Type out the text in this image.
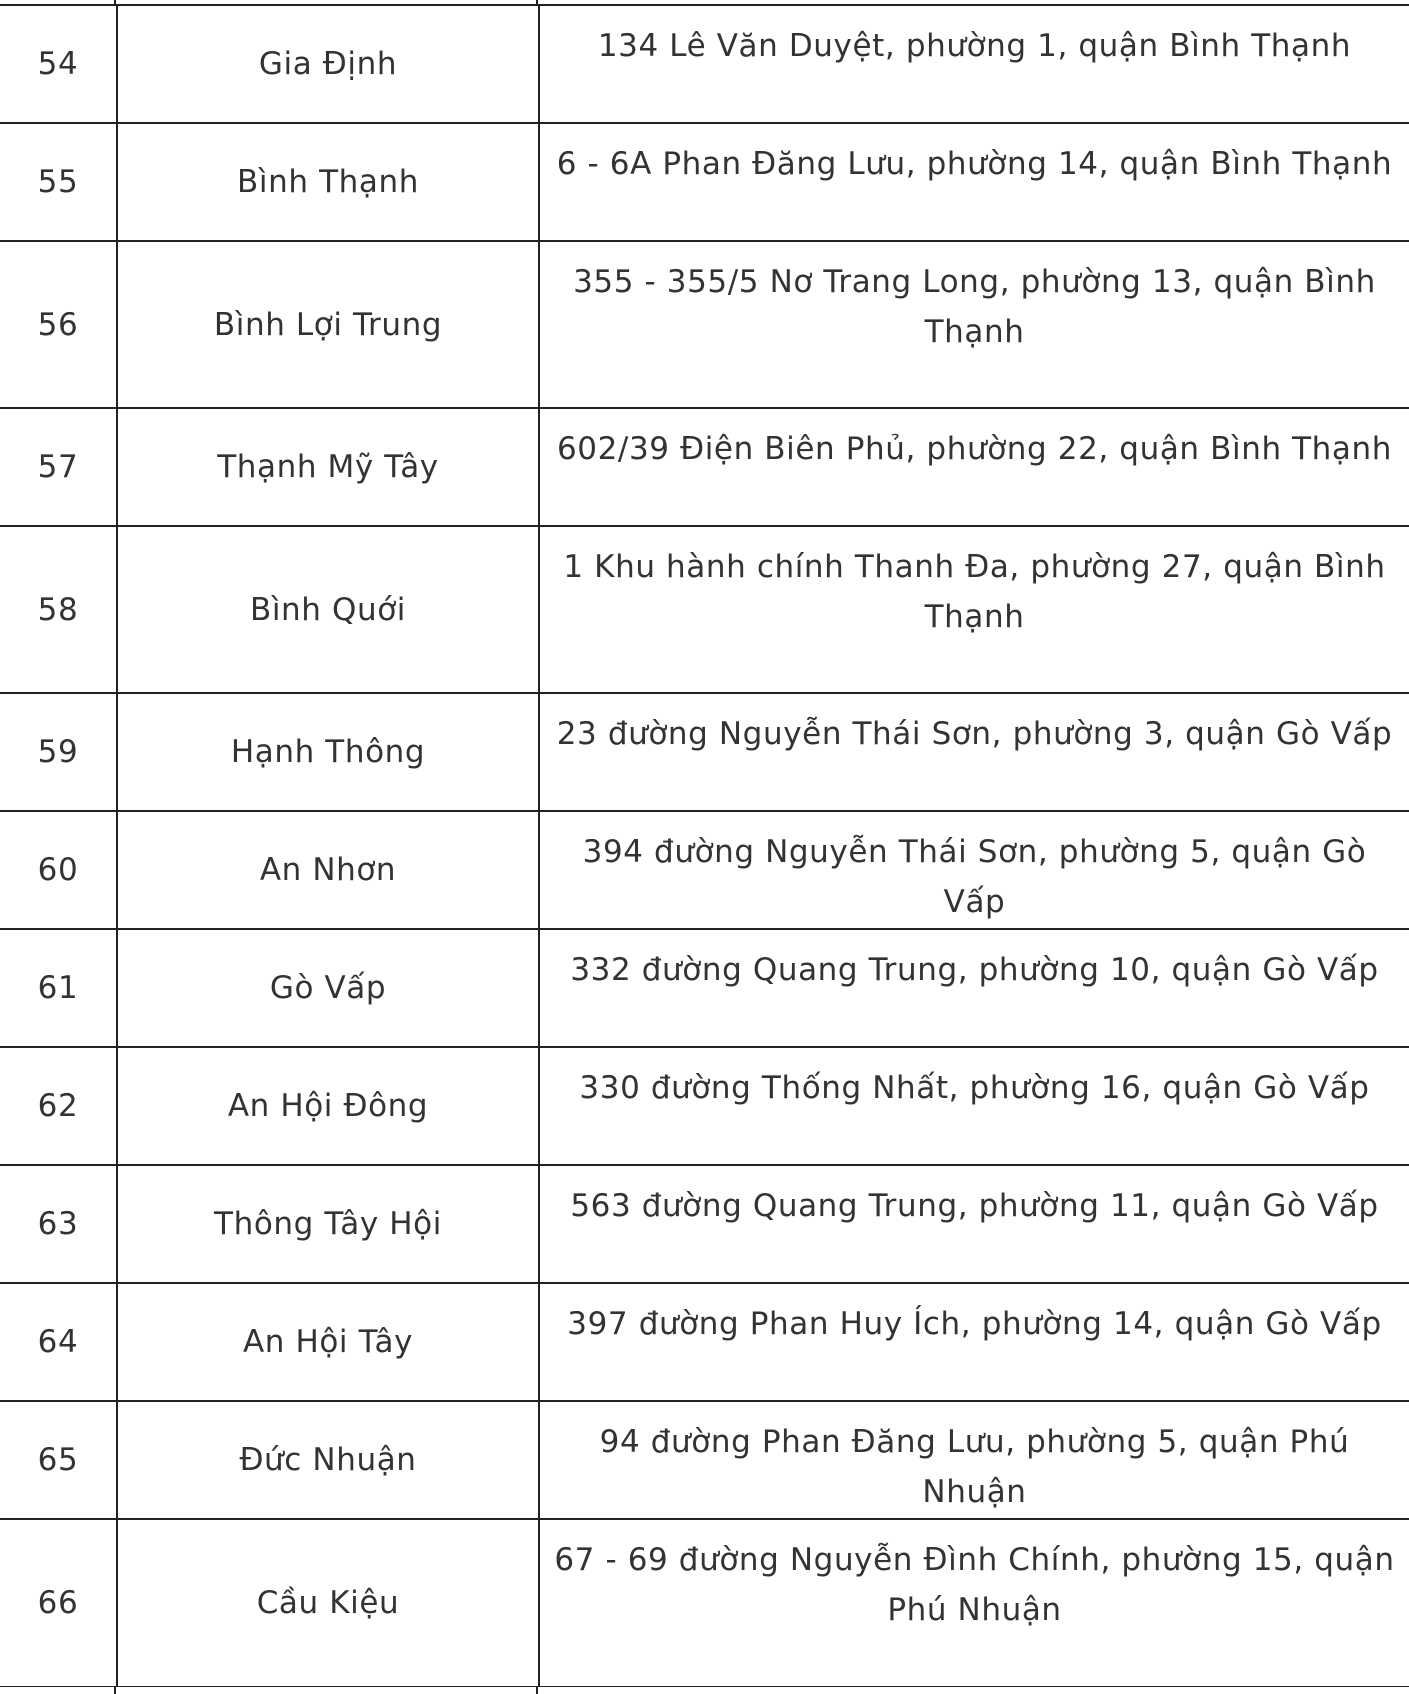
54	Gia Định	134 Lê Văn Duyệt, phường 1, quận Bình Thạnh
55	Bình Thạnh	6 - 6A Phan Đăng Lưu, phường 14, quận Bình Thạnh
56	Bình Lợi Trung	355 - 355/5 Nơ Trang Long, phường 13, quận Bình Thạnh
57	Thạnh Mỹ Tây	602/39 Điện Biên Phủ, phường 22, quận Bình Thạnh
58	Bình Quới	1 Khu hành chính Thanh Đa, phường 27, quận Bình Thạnh
59	Hạnh Thông	23 đường Nguyễn Thái Sơn, phường 3, quận Gò Vấp
60	An Nhơn	394 đường Nguyễn Thái Sơn, phường 5, quận Gò Vấp
61	Gò Vấp	332 đường Quang Trung, phường 10, quận Gò Vấp
62	An Hội Đông	330 đường Thống Nhất, phường 16, quận Gò Vấp
63	Thông Tây Hội	563 đường Quang Trung, phường 11, quận Gò Vấp
64	An Hội Tây	397 đường Phan Huy Ích, phường 14, quận Gò Vấp
65	Đức Nhuận	94 đường Phan Đăng Lưu, phường 5, quận Phú Nhuận
66	Cầu Kiệu	67 - 69 đường Nguyễn Đình Chính, phường 15, quận Phú Nhuận
